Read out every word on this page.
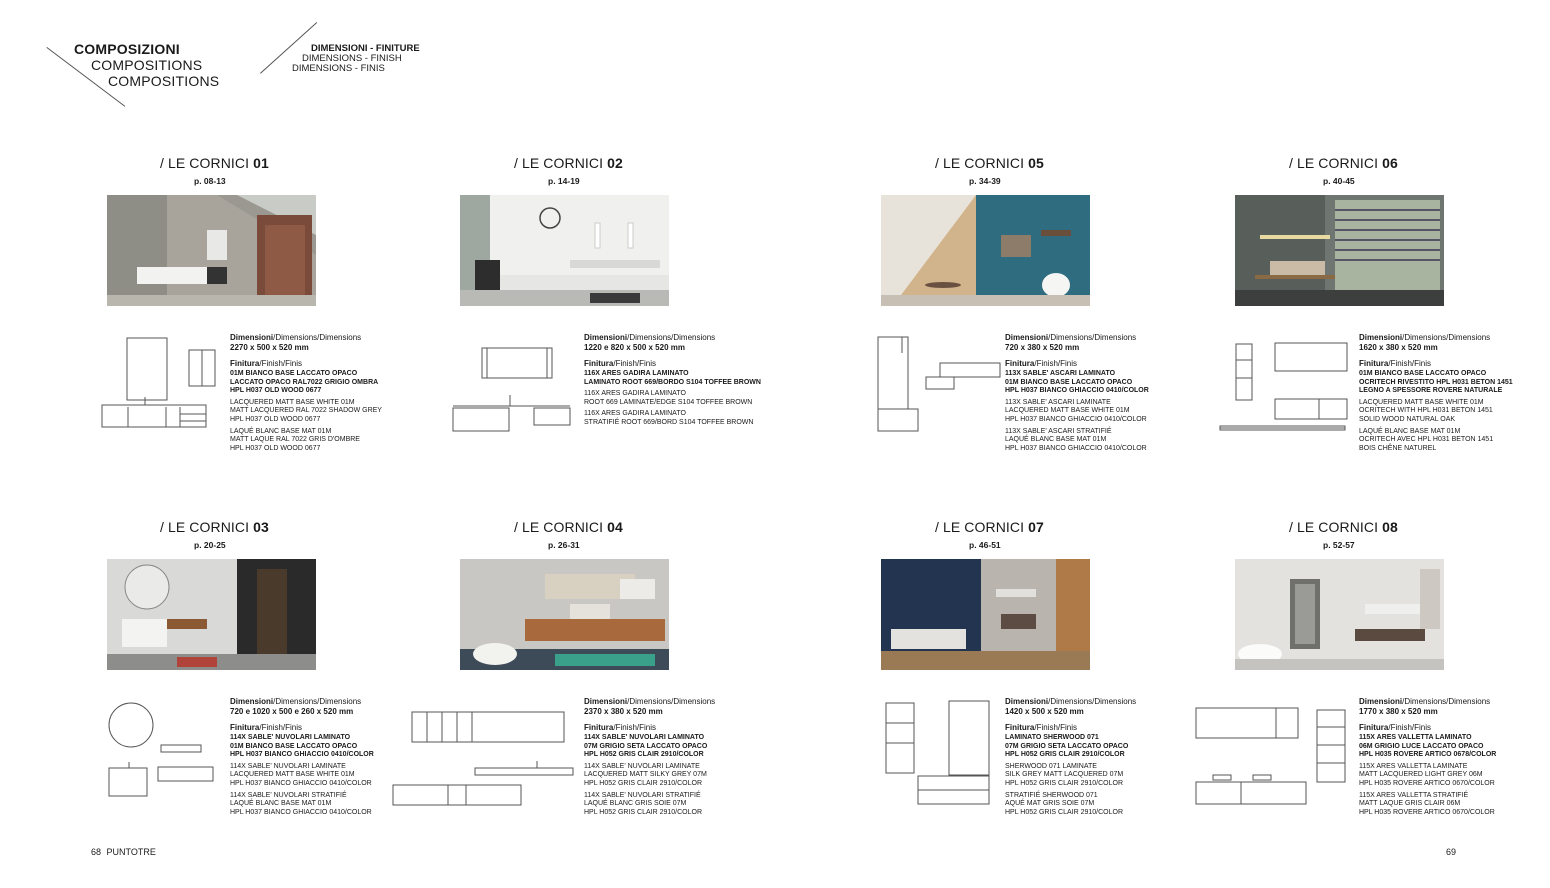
COMPOSIZIONI
COMPOSITIONS
COMPOSITIONS
DIMENSIONI - FINITURE
DIMENSIONS - FINISH
DIMENSIONS - FINIS
/ LE CORNICI 01
p. 08-13
Dimensioni/Dimensions/Dimensions
2270 x 500 x 520 mm
Finitura/Finish/Finis
01M BIANCO BASE LACCATO OPACO
LACCATO OPACO RAL7022 GRIGIO OMBRA
HPL H037 OLD WOOD 0677
LACQUERED MATT BASE WHITE 01M
MATT LACQUERED RAL 7022 SHADOW GREY
HPL H037 OLD WOOD 0677
LAQUÉ BLANC BASE MAT 01M
MATT LAQUE RAL 7022 GRIS D'OMBRE
HPL H037 OLD WOOD 0677
/ LE CORNICI 02
p. 14-19
Dimensioni/Dimensions/Dimensions
1220 e 820 x 500 x 520 mm
Finitura/Finish/Finis
116X ARES GADIRA LAMINATO
LAMINATO ROOT 669/BORDO S104 TOFFEE BROWN
116X ARES GADIRA LAMINATO
ROOT 669 LAMINATE/EDGE S104 TOFFEE BROWN
116X ARES GADIRA LAMINATO
STRATIFIÉ ROOT 669/BORD S104 TOFFEE BROWN
/ LE CORNICI 05
p. 34-39
Dimensioni/Dimensions/Dimensions
720 x 380 x 520 mm
Finitura/Finish/Finis
113X SABLE' ASCARI LAMINATO
01M BIANCO BASE LACCATO OPACO
HPL H037 BIANCO GHIACCIO 0410/COLOR
113X SABLE' ASCARI LAMINATE
LACQUERED MATT BASE WHITE 01M
HPL H037 BIANCO GHIACCIO 0410/COLOR
113X SABLE' ASCARI STRATIFIÉ
LAQUÉ BLANC BASE MAT 01M
HPL H037 BIANCO GHIACCIO 0410/COLOR
/ LE CORNICI 06
p. 40-45
Dimensioni/Dimensions/Dimensions
1620 x 380 x 520 mm
Finitura/Finish/Finis
01M BIANCO BASE LACCATO OPACO
OCRITECH RIVESTITO HPL H031 BETON 1451
LEGNO A SPESSORE ROVERE NATURALE
LACQUERED MATT BASE WHITE 01M
OCRITECH WITH HPL H031 BETON 1451
SOLID WOOD NATURAL OAK
LAQUÉ BLANC BASE MAT 01M
OCRITECH AVEC HPL H031 BETON 1451
BOIS CHÊNE NATUREL
/ LE CORNICI 03
p. 20-25
Dimensioni/Dimensions/Dimensions
720 e 1020 x 500 e 260 x 520 mm
Finitura/Finish/Finis
114X SABLE' NUVOLARI LAMINATO
01M BIANCO BASE LACCATO OPACO
HPL H037 BIANCO GHIACCIO 0410/COLOR
114X SABLE' NUVOLARI LAMINATE
LACQUERED MATT BASE WHITE 01M
HPL H037 BIANCO GHIACCIO 0410/COLOR
114X SABLE' NUVOLARI STRATIFIÉ
LAQUÉ BLANC BASE MAT 01M
HPL H037 BIANCO GHIACCIO 0410/COLOR
/ LE CORNICI 04
p. 26-31
Dimensioni/Dimensions/Dimensions
2370 x 380 x 520 mm
Finitura/Finish/Finis
114X SABLE' NUVOLARI LAMINATO
07M GRIGIO SETA LACCATO OPACO
HPL H052 GRIS CLAIR 2910/COLOR
114X SABLE' NUVOLARI LAMINATE
LACQUERED MATT SILKY GREY 07M
HPL H052 GRIS CLAIR 2910/COLOR
114X SABLE' NUVOLARI STRATIFIÉ
LAQUÉ BLANC GRIS SOIE 07M
HPL H052 GRIS CLAIR 2910/COLOR
/ LE CORNICI 07
p. 46-51
Dimensioni/Dimensions/Dimensions
1420 x 500 x 520 mm
Finitura/Finish/Finis
LAMINATO SHERWOOD 071
07M GRIGIO SETA LACCATO OPACO
HPL H052 GRIS CLAIR 2910/COLOR
SHERWOOD 071 LAMINATE
SILK GREY MATT LACQUERED 07M
HPL H052 GRIS CLAIR 2910/COLOR
STRATIFIÉ SHERWOOD 071
AQUÉ MAT GRIS SOIE 07M
HPL H052 GRIS CLAIR 2910/COLOR
/ LE CORNICI 08
p. 52-57
Dimensioni/Dimensions/Dimensions
1770 x 380 x 520 mm
Finitura/Finish/Finis
115X ARES VALLETTA LAMINATO
06M GRIGIO LUCE LACCATO OPACO
HPL H035 ROVERE ARTICO 0678/COLOR
115X ARES VALLETTA LAMINATE
MATT LACQUERED LIGHT GREY 06M
HPL H035 ROVERE ARTICO 0670/COLOR
115X ARES VALLETTA STRATIFIÉ
MATT LAQUE GRIS CLAIR 06M
HPL H035 ROVERE ARTICO 0670/COLOR
68 PUNTOTRE	69
